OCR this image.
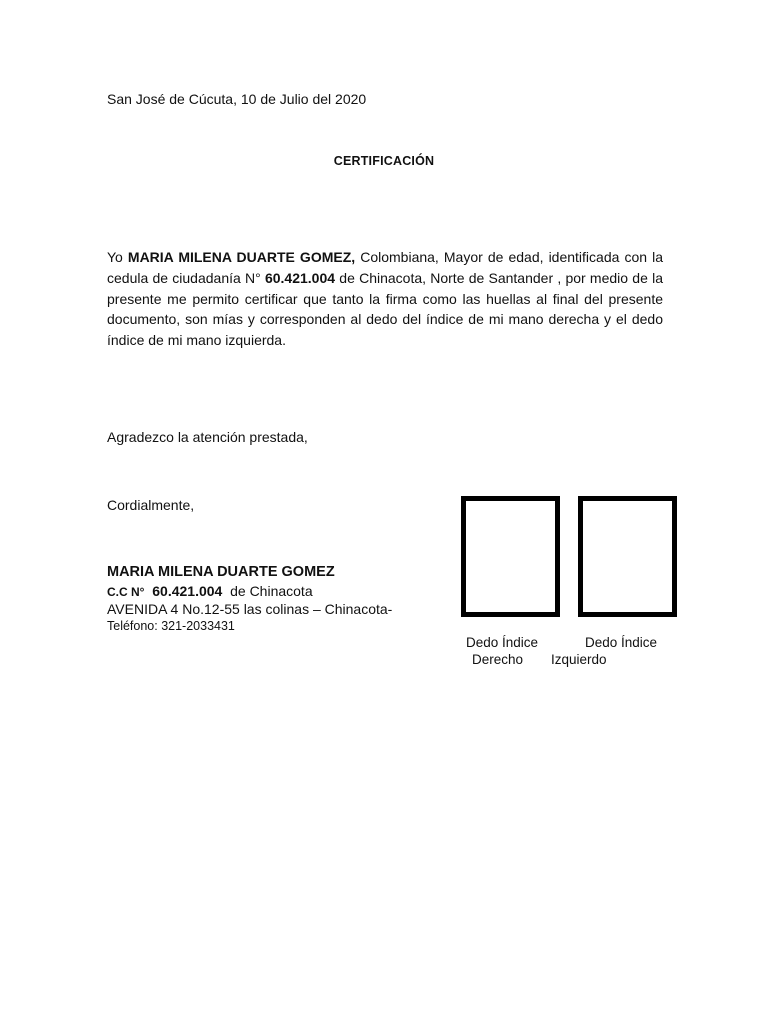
San José de Cúcuta, 10 de Julio del 2020
CERTIFICACIÓN
Yo MARIA MILENA DUARTE GOMEZ, Colombiana, Mayor de edad, identificada con la cedula de ciudadanía N° 60.421.004 de Chinacota, Norte de Santander , por medio de la presente me permito certificar que tanto la firma como las huellas al final del presente documento, son mías y corresponden al dedo del índice de mi mano derecha y el dedo índice de mi mano izquierda.
Agradezco la atención prestada,
Cordialmente,
MARIA MILENA DUARTE GOMEZ
C.C N° 60.421.004 de Chinacota
AVENIDA 4 No.12-55 las colinas – Chinacota-
Teléfono: 321-2033431
Dedo Índice
Derecho
Dedo Índice
Izquierdo
